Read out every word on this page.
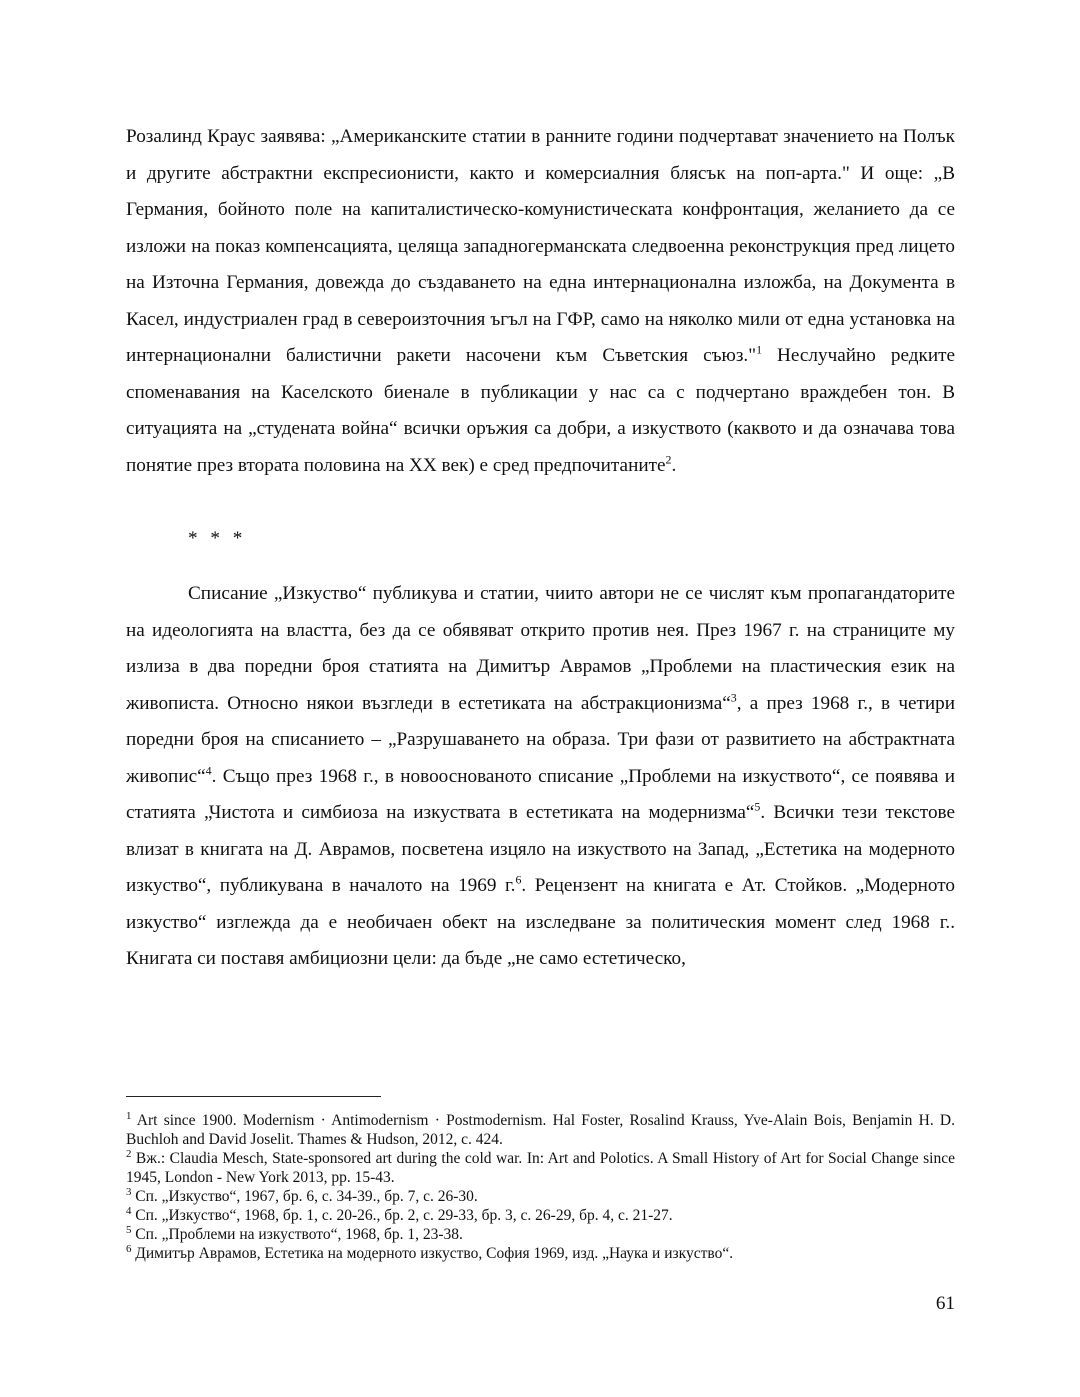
Розалинд Краус заявява: „Американските статии в ранните години подчертават значението на Полък и другите абстрактни експресионисти, както и комерсиалния блясък на поп-арта." И още: „В Германия, бойното поле на капиталистическо-комунистическата конфронтация, желанието да се изложи на показ компенсацията, целяща западногерманската следвоенна реконструкция пред лицето на Източна Германия, довежда до създаването на една интернационална изложба, на Документа в Касел, индустриален град в североизточния ъгъл на ГФР, само на няколко мили от една установка на интернационални балистични ракети насочени към Съветския съюз."$^1$ Неслучайно редките споменавания на Каселското биенале в публикации у нас са с подчертано враждебен тон. В ситуацията на „студената война“ всички оръжия са добри, а изкуството (каквото и да означава това понятие през втората половина на XX век) е сред предпочитаните$^2$.

* * *

Списание „Изкуство“ публикува и статии, чиито автори не се числят към пропагандаторите на идеологията на властта, без да се обявяват открито против нея. През 1967 г. на страниците му излиза в два поредни броя статията на Димитър Аврамов „Проблеми на пластическия език на живописта. Относно някои възгледи в естетиката на абстракционизма“$^3$, а през 1968 г., в четири поредни броя на списанието – „Разрушаването на образа. Три фази от развитието на абстрактната живопис“$^4$. Също през 1968 г., в новооснованото списание „Проблеми на изкуството“, се появява и статията „Чистота и симбиоза на изкуствата в естетиката на модернизма“$^5$. Всички тези текстове влизат в книгата на Д. Аврамов, посветена изцяло на изкуството на Запад, „Естетика на модерното изкуство“, публикувана в началото на 1969 г.$^6$. Рецензент на книгата е Ат. Стойков. „Модерното изкуство“ изглежда да е необичаен обект на изследване за политическия момент след 1968 г.. Книгата си поставя амбициозни цели: да бъде „не само естетическо,

$^1$ Art since 1900. Modernism · Antimodernism · Postmodernism. Hal Foster, Rosalind Krauss, Yve-Alain Bois, Benjamin H. D. Buchloh and David Joselit. Thames & Hudson, 2012, с. 424.

$^2$ Вж.: Claudia Mesch, State-sponsored art during the cold war. In: Art and Polotics. A Small History of Art for Social Change since 1945, London - New York 2013, pp. 15-43.

$^3$ Сп. „Изкуство“, 1967, бр. 6, с. 34-39., бр. 7, с. 26-30.

$^4$ Сп. „Изкуство“, 1968, бр. 1, с. 20-26., бр. 2, с. 29-33, бр. 3, с. 26-29, бр. 4, с. 21-27.

$^5$ Сп. „Проблеми на изкуството“, 1968, бр. 1, 23-38.

$^6$ Димитър Аврамов, Естетика на модерното изкуство, София 1969, изд. „Наука и изкуство“.

61
